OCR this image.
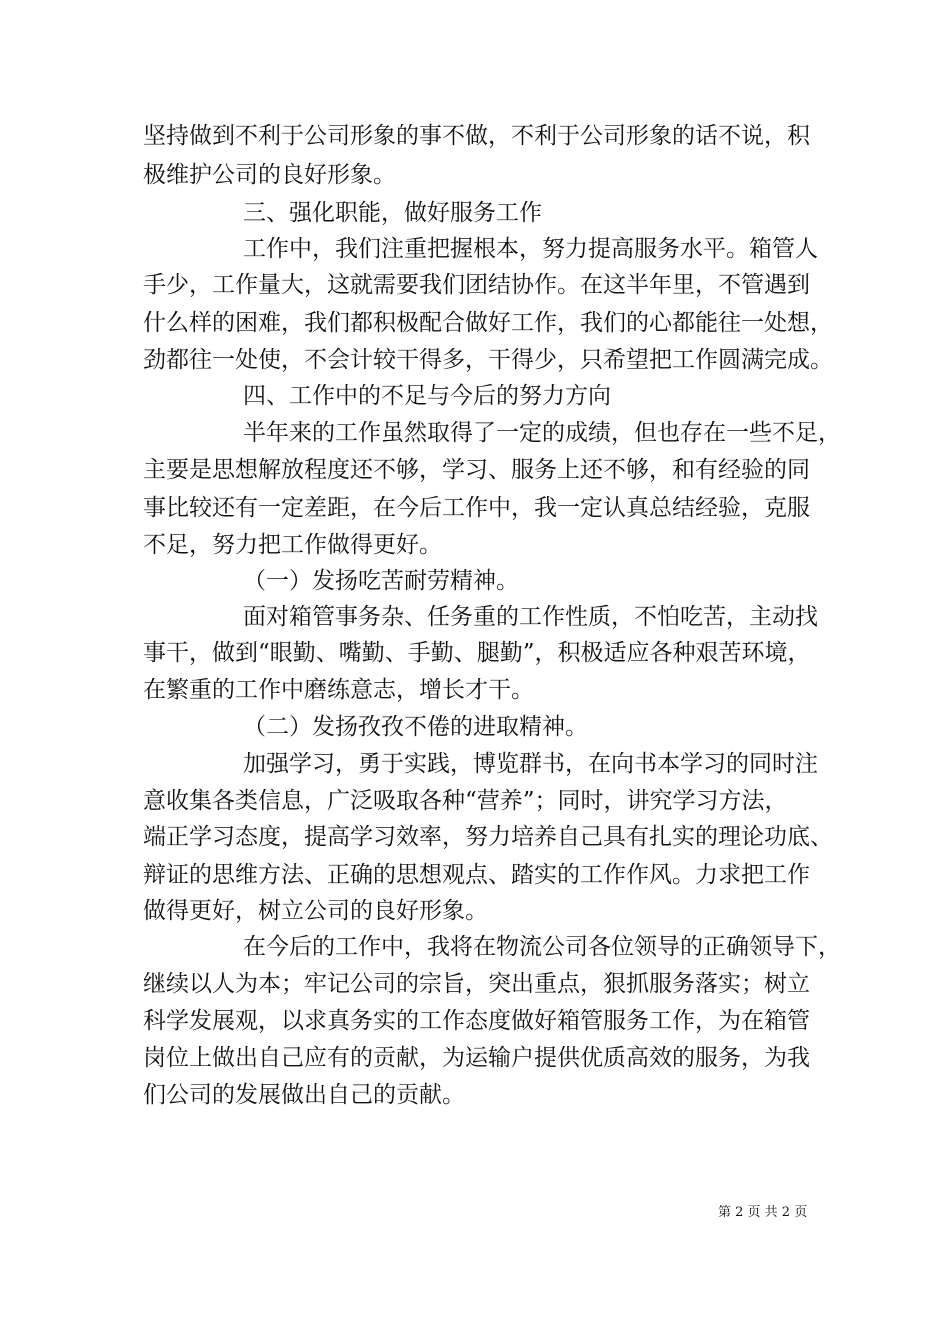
坚持做到不利于公司形象的事不做，不利于公司形象的话不说，积
极维护公司的良好形象。
三、强化职能，做好服务工作
工作中，我们注重把握根本，努力提高服务水平。箱管人
手少，工作量大，这就需要我们团结协作。在这半年里，不管遇到
什么样的困难，我们都积极配合做好工作，我们的心都能往一处想，
劲都往一处使，不会计较干得多，干得少，只希望把工作圆满完成。
四、工作中的不足与今后的努力方向
半年来的工作虽然取得了一定的成绩，但也存在一些不足，
主要是思想解放程度还不够，学习、服务上还不够，和有经验的同
事比较还有一定差距，在今后工作中，我一定认真总结经验，克服
不足，努力把工作做得更好。
（一）发扬吃苦耐劳精神。
面对箱管事务杂、任务重的工作性质，不怕吃苦，主动找
事干，做到“眼勤、嘴勤、手勤、腿勤”，积极适应各种艰苦环境，
在繁重的工作中磨练意志，增长才干。
（二）发扬孜孜不倦的进取精神。
加强学习，勇于实践，博览群书，在向书本学习的同时注
意收集各类信息，广泛吸取各种“营养”；同时，讲究学习方法，
端正学习态度，提高学习效率，努力培养自己具有扎实的理论功底、
辩证的思维方法、正确的思想观点、踏实的工作作风。力求把工作
做得更好，树立公司的良好形象。
在今后的工作中，我将在物流公司各位领导的正确领导下，
继续以人为本；牢记公司的宗旨，突出重点，狠抓服务落实；树立
科学发展观，以求真务实的工作态度做好箱管服务工作，为在箱管
岗位上做出自己应有的贡献，为运输户提供优质高效的服务，为我
们公司的发展做出自己的贡献。
第 2 页 共 2 页
